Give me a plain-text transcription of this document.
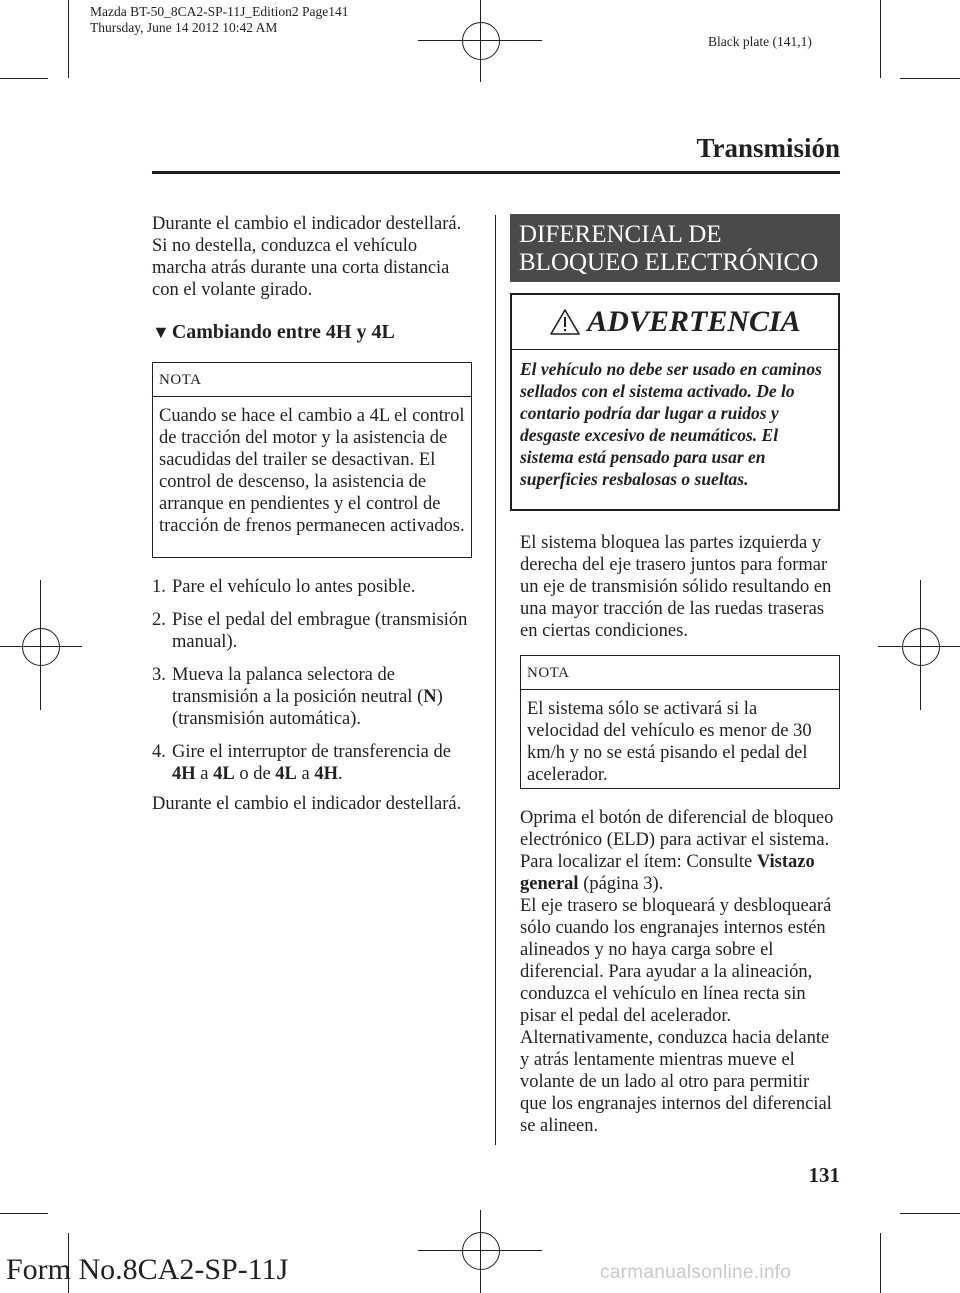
Mazda BT-50_8CA2-SP-11J_Edition2 Page141
Thursday, June 14 2012 10:42 AM
Black plate (141,1)
Transmisión
Durante el cambio el indicador destellará. Si no destella, conduzca el vehículo marcha atrás durante una corta distancia con el volante girado.
▼ Cambiando entre 4H y 4L
NOTA
Cuando se hace el cambio a 4L el control de tracción del motor y la asistencia de sacudidas del trailer se desactivan. El control de descenso, la asistencia de arranque en pendientes y el control de tracción de frenos permanecen activados.
1. Pare el vehículo lo antes posible.
2. Pise el pedal del embrague (transmisión manual).
3. Mueva la palanca selectora de transmisión a la posición neutral (N) (transmisión automática).
4. Gire el interruptor de transferencia de 4H a 4L o de 4L a 4H.
Durante el cambio el indicador destellará.
DIFERENCIAL DE
BLOQUEO ELECTRÓNICO
ADVERTENCIA
El vehículo no debe ser usado en caminos sellados con el sistema activado. De lo contario podría dar lugar a ruidos y desgaste excesivo de neumáticos. El sistema está pensado para usar en superficies resbalosas o sueltas.
El sistema bloquea las partes izquierda y derecha del eje trasero juntos para formar un eje de transmisión sólido resultando en una mayor tracción de las ruedas traseras en ciertas condiciones.
NOTA
El sistema sólo se activará si la velocidad del vehículo es menor de 30 km/h y no se está pisando el pedal del acelerador.
Oprima el botón de diferencial de bloqueo electrónico (ELD) para activar el sistema. Para localizar el ítem: Consulte Vistazo general (página 3).
El eje trasero se bloqueará y desbloqueará sólo cuando los engranajes internos estén alineados y no haya carga sobre el diferencial. Para ayudar a la alineación, conduzca el vehículo en línea recta sin pisar el pedal del acelerador. Alternativamente, conduzca hacia delante y atrás lentamente mientras mueve el volante de un lado al otro para permitir que los engranajes internos del diferencial se alineen.
131
Form No.8CA2-SP-11J	carmanualsonline.info
